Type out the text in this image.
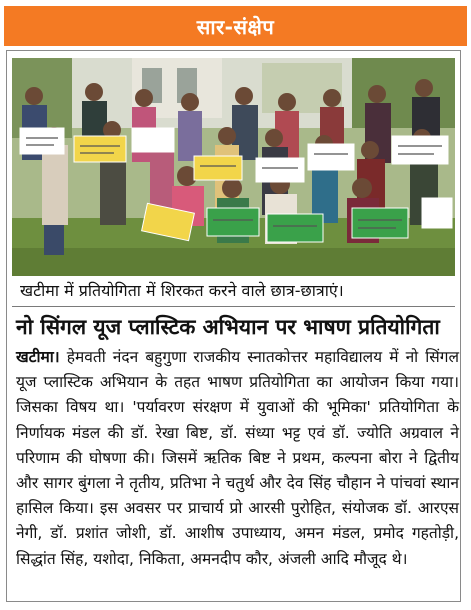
सार-संक्षेप
खटीमा में प्रतियोगिता में शिरकत करने वाले छात्र-छात्राएं।
नो सिंगल यूज प्लास्टिक अभियान पर भाषण प्रतियोगिता
खटीमा। हेमवती नंदन बहुगुणा राजकीय स्नातकोत्तर महाविद्यालय में नो सिंगल यूज प्लास्टिक अभियान के तहत भाषण प्रतियोगिता का आयोजन किया गया। जिसका विषय था। 'पर्यावरण संरक्षण में युवाओं की भूमिका' प्रतियोगिता के निर्णायक मंडल की डॉ. रेखा बिष्ट, डॉ. संध्या भट्ट एवं डॉ. ज्योति अग्रवाल ने परिणाम की घोषणा की। जिसमें ऋतिक बिष्ट ने प्रथम, कल्पना बोरा ने द्वितीय और सागर बुंगला ने तृतीय, प्रतिभा ने चतुर्थ और देव सिंह चौहान ने पांचवां स्थान हासिल किया। इस अवसर पर प्राचार्य प्रो आरसी पुरोहित, संयोजक डॉ. आरएस नेगी, डॉ. प्रशांत जोशी, डॉ. आशीष उपाध्याय, अमन मंडल, प्रमोद गहतोड़ी, सिद्धांत सिंह, यशोदा, निकिता, अमनदीप कौर, अंजली आदि मौजूद थे।
